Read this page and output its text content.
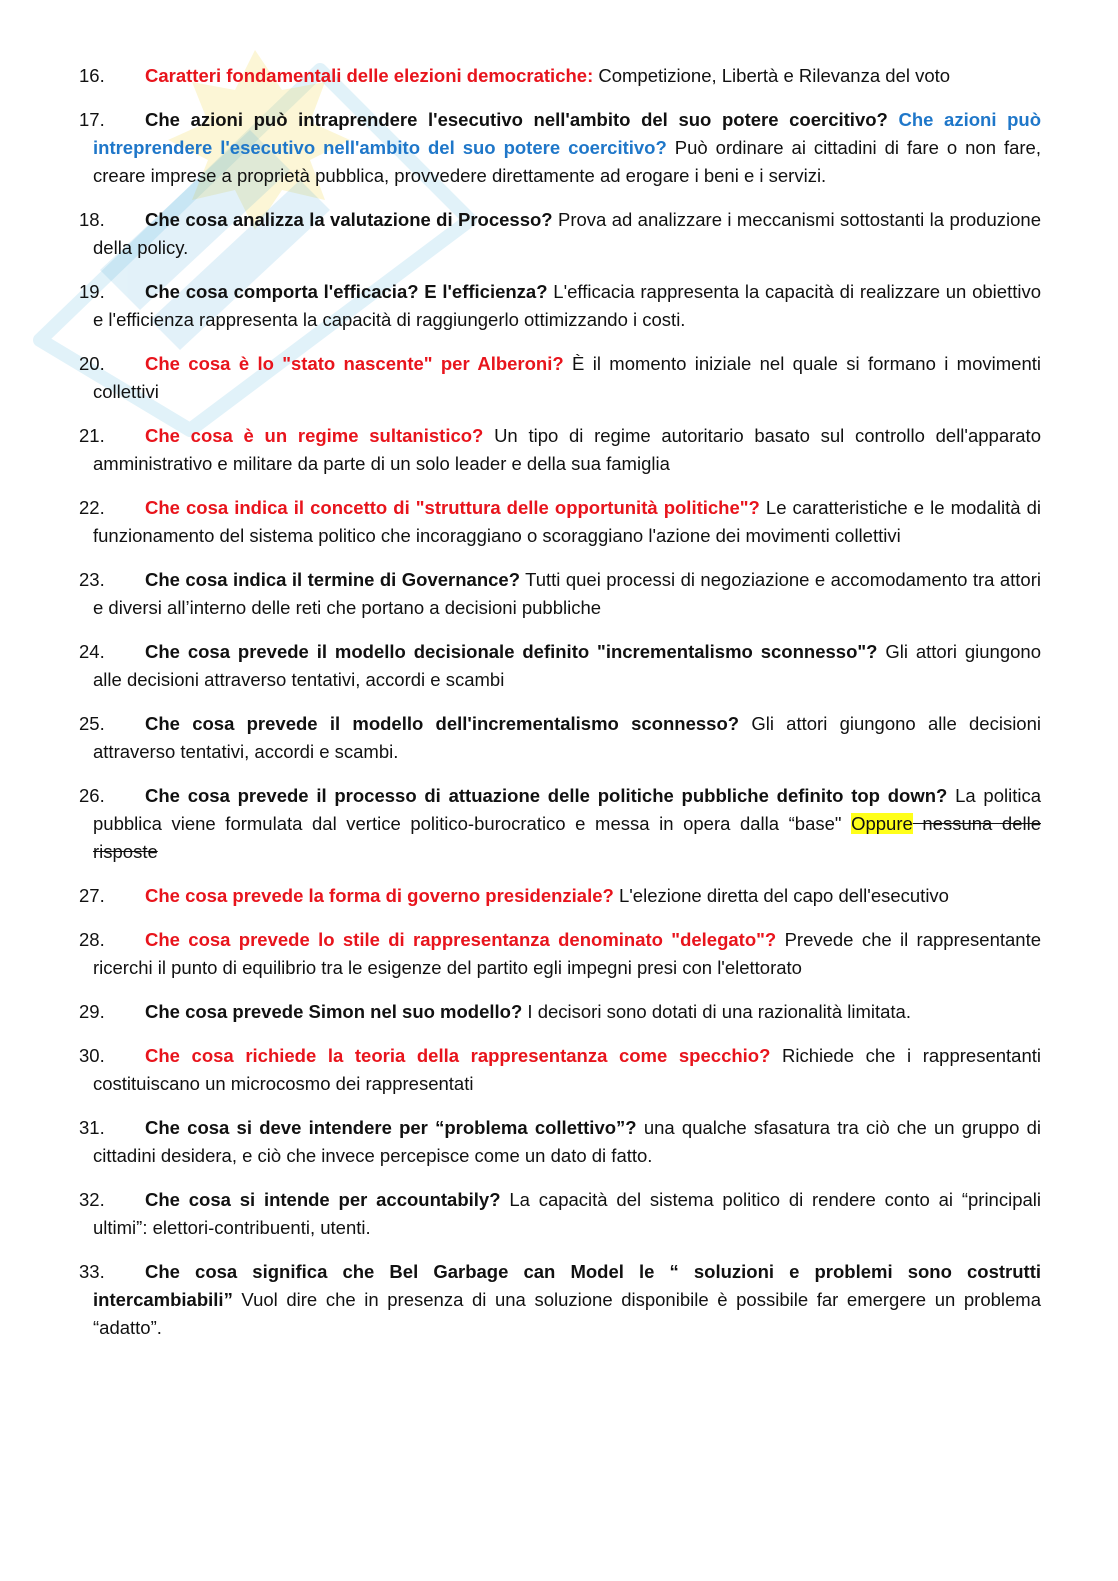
16.	Caratteri fondamentali delle elezioni democratiche: Competizione, Libertà e Rilevanza del voto
17.	Che azioni può intraprendere l'esecutivo nell'ambito del suo potere coercitivo? Che azioni può intreprendere l'esecutivo nell'ambito del suo potere coercitivo? Può ordinare ai cittadini di fare o non fare, creare imprese a proprietà pubblica, provvedere direttamente ad erogare i beni e i servizi.
18.	Che cosa analizza la valutazione di Processo? Prova ad analizzare i meccanismi sottostanti la produzione della policy.
19.	Che cosa comporta l'efficacia? E l'efficienza? L'efficacia rappresenta la capacità di realizzare un obiettivo e l'efficienza rappresenta la capacità di raggiungerlo ottimizzando i costi.
20.	Che cosa è lo "stato nascente" per Alberoni? È il momento iniziale nel quale si formano i movimenti collettivi
21.	Che cosa è un regime sultanistico? Un tipo di regime autoritario basato sul controllo dell'apparato amministrativo e militare da parte di un solo leader e della sua famiglia
22.	Che cosa indica il concetto di "struttura delle opportunità politiche"? Le caratteristiche e le modalità di funzionamento del sistema politico che incoraggiano o scoraggiano l'azione dei movimenti collettivi
23.	Che cosa indica il termine di Governance? Tutti quei processi di negoziazione e accomodamento tra attori e diversi all’interno delle reti che portano a decisioni pubbliche
24.	Che cosa prevede il modello decisionale definito "incrementalismo sconnesso"? Gli attori giungono alle decisioni attraverso tentativi, accordi e scambi
25.	Che cosa prevede il modello dell'incrementalismo sconnesso? Gli attori giungono alle decisioni attraverso tentativi, accordi e scambi.
26.	Che cosa prevede il processo di attuazione delle politiche pubbliche definito top down? La politica pubblica viene formulata dal vertice politico-burocratico e messa in opera dalla “base" Oppure nessuna delle risposte
27.	Che cosa prevede la forma di governo presidenziale? L'elezione diretta del capo dell'esecutivo
28.	Che cosa prevede lo stile di rappresentanza denominato "delegato"? Prevede che il rappresentante ricerchi il punto di equilibrio tra le esigenze del partito egli impegni presi con l'elettorato
29.	Che cosa prevede Simon nel suo modello? I decisori sono dotati di una razionalità limitata.
30.	Che cosa richiede la teoria della rappresentanza come specchio? Richiede che i rappresentanti costituiscano un microcosmo dei rappresentati
31.	Che cosa si deve intendere per “problema collettivo”? una qualche sfasatura tra ciò che un gruppo di cittadini desidera, e ciò che invece percepisce come un dato di fatto.
32.	Che cosa si intende per accountabily? La capacità del sistema politico di rendere conto ai “principali ultimi”: elettori-contribuenti, utenti.
33.	Che cosa significa che Bel Garbage can Model le “ soluzioni e problemi sono costrutti intercambiabili” Vuol dire che in presenza di una soluzione disponibile è possibile far emergere un problema “adatto”.
